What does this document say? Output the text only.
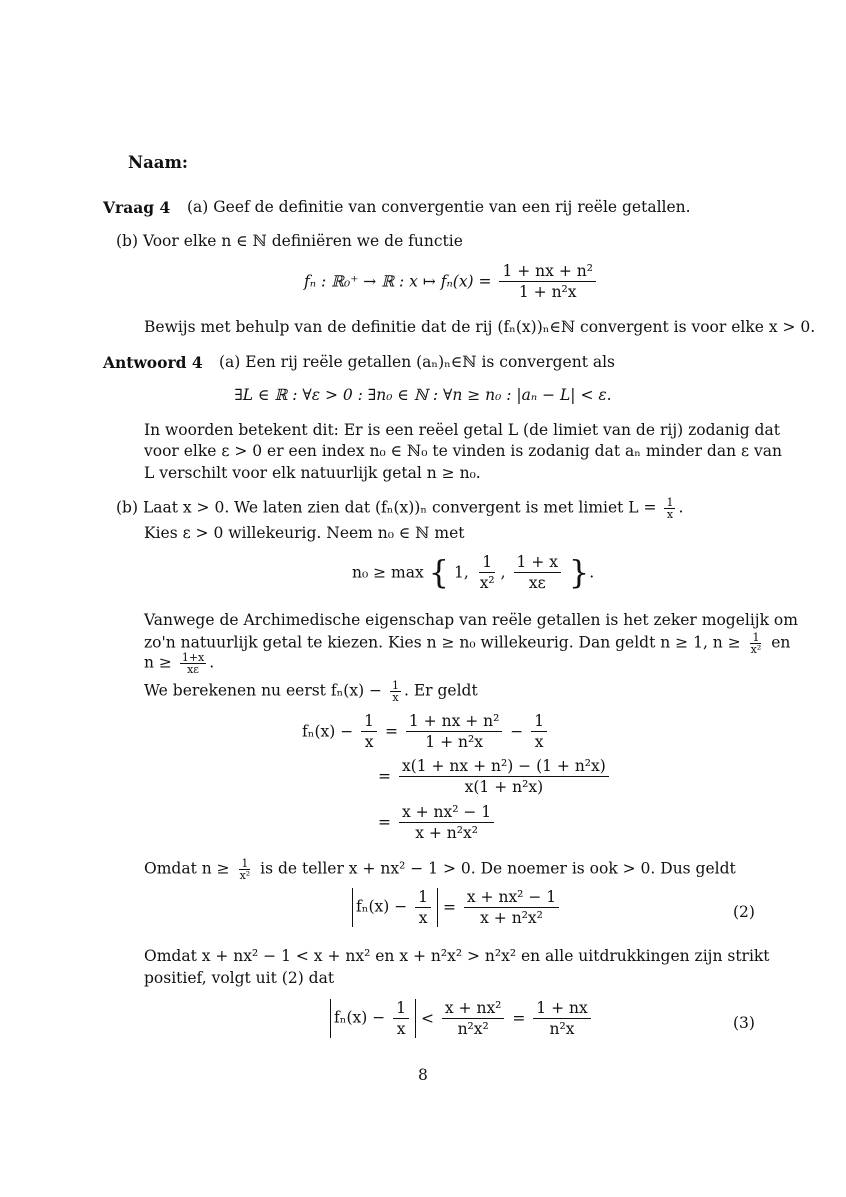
Naam:
Vraag 4 (a) Geef de definitie van convergentie van een rij reële getallen.
(b) Voor elke n ∈ ℕ definiëren we de functie
fₙ : ℝ₀⁺ → ℝ : x ↦ $f_n(x) = \frac{\text{1 + nx + n²}}{\text{1 + n²x}}$
Bewijs met behulp van de definitie dat de rij (fₙ(x))ₙ∈ℕ convergent is voor elke x > 0.
Antwoord 4 (a) Een rij reële getallen (aₙ)ₙ∈ℕ is convergent als
∃L ∈ ℝ : ∀ε > 0 : ∃n₀ ∈ ℕ : ∀n ≥ n₀ : |aₙ − L| < ε.
In woorden betekent dit: Er is een reëel getal L (de limiet van de rij) zodanig dat
voor elke ε > 0 er een index n₀ ∈ ℕ₀ te vinden is zodanig dat aₙ minder dan ε van
L verschilt voor elk natuurlijk getal n ≥ n₀.
(b) Laat x > 0. We laten zien dat (fₙ(x))ₙ convergent is met limiet $L = \frac{1}{x}$ .
Kies ε > 0 willekeurig. Neem n₀ ∈ ℕ met
n₀ ≥ max { 1, $\frac{1}{\text{x²}}$ , $\frac{1 + x}{x\varepsilon}$ }.
Vanwege de Archimedische eigenschap van reële getallen is het zeker mogelijk om
zo'n natuurlijk getal te kiezen. Kies n ≥ n₀ willekeurig. Dan geldt n ≥ 1, $n \ge \frac{1}{\text{x²}}$ en
$n \ge \frac{1+x}{x\varepsilon}$ .
We berekenen nu eerst $f_n(x) - \frac{1}{x}$ . Er geldt
$f_n(x) - \frac{1}{x} = \frac{\text{1 + nx + n²}}{\text{1 + n²x}} - \frac{1}{x}$
= $\frac{\text{x(1 + nx + n²) − (1 + n²x)}}{\text{x(1 + n²x)}}$
= $\frac{\text{x + nx² − 1}}{\text{x + n²x²}}$
Omdat $n \ge \frac{1}{\text{x²}}$ is de teller x + nx² − 1 > 0. De noemer is ook > 0. Dus geldt
$f_n(x) - \frac{1}{x} = \frac{\text{x + nx² − 1}}{\text{x + n²x²}}$	(2)
Omdat x + nx² − 1 < x + nx² en x + n²x² > n²x² en alle uitdrukkingen zijn strikt
positief, volgt uit (2) dat
$f_n(x) - \frac{1}{x} < \frac{\text{x + nx²}}{\text{n²x²}} = \frac{1 + nx}{\text{n²x}}$	(3)
8
